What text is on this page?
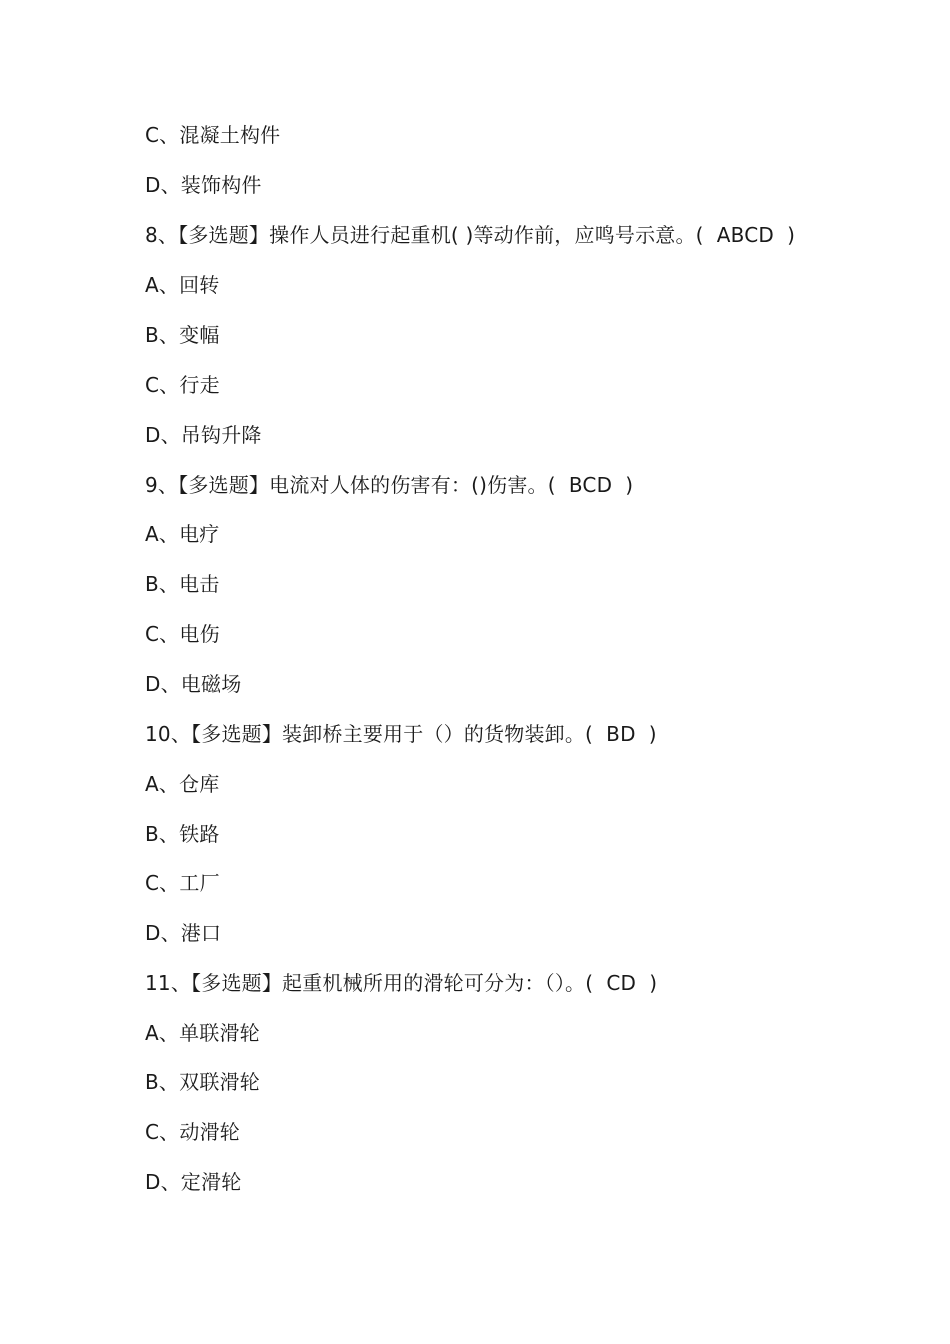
C、混凝土构件
D、装饰构件
8、【多选题】操作人员进行起重机( )等动作前，应鸣号示意。(  ABCD  )
A、回转
B、变幅
C、行走
D、吊钩升降
9、【多选题】电流对人体的伤害有：()伤害。(  BCD  )
A、电疗
B、电击
C、电伤
D、电磁场
10、【多选题】装卸桥主要用于（）的货物装卸。(  BD  )
A、仓库
B、铁路
C、工厂
D、港口
11、【多选题】起重机械所用的滑轮可分为：（）。(  CD  )
A、单联滑轮
B、双联滑轮
C、动滑轮
D、定滑轮
